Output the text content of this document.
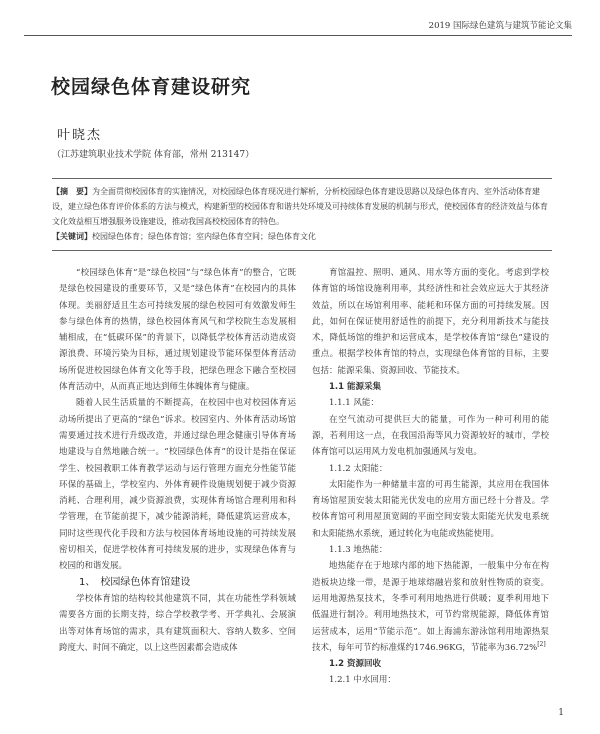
2019 国际绿色建筑与建筑节能论文集
校园绿色体育建设研究
叶晓杰
（江苏建筑职业技术学院 体育部，常州 213147）

【摘　要】为全面贯彻校园体育的实施情况，对校园绿色体育现况进行解析，分析校园绿色体育建设思路以及绿色体育内、室外活动体育建设，建立绿色体育评价体系的方法与模式，构建新型的校园体育和谐共处环境及可持续体育发展的机制与形式，使校园体育的经济效益与体育文化效益相互增强服务设施建设，推动我国高校校园体育的特色。

【关键词】校园绿色体育；绿色体育馆；室内绿色体育空间；绿色体育文化

“校园绿色体育”是“绿色校园”与“绿色体育”的整合，它既是绿色校园建设的重要环节，又是“绿色体育”在校园内的具体体现。美丽舒适且生态可持续发展的绿色校园可有效激发师生参与绿色体育的热情，绿色校园体育风气和学校院生态发展相辅相成，在“低碳环保”的背景下，以降低学校体育活动造成资源浪费、环境污染为目标，通过规划建设节能环保型体育活动场所促进校园绿色体育文化等手段，把绿色理念下融合至校园体育活动中，从而真正地达到师生体魄体育与健康。

随着人民生活质量的不断提高，在校园中也对校园体育运动场所提出了更高的“绿色”诉求。校园室内、外体育活动场馆需要通过技术进行升级改造，并通过绿色理念健康引导体育场地建设与自然地融合统一。“校园绿色体育”的设计是指在保证学生、校园教职工体育教学运动与运行管理方面充分性能节能环保的基础上，学校室内、外体育硬件设施规划便于减少资源消耗、合理利用，减少资源浪费，实现体育场馆合理利用和科学管理，在节能前提下，减少能源消耗，降低建筑运营成本，同时这些现代化手段和方法与校园体育场地设施的可持续发展密切相关，促进学校体育可持续发展的进步，实现绿色体育与校园的和谐发展。

1、　校园绿色体育馆建设

学校体育馆的结构较其他建筑不同，其在功能性学科领域需要各方面的长期支持，综合学校教学考、开学典礼、会展演出等对体育场馆的需求，具有建筑面积大、容纳人数多、空间跨度大、时间不确定，以上这些因素都会造成体

育馆温控、照明、通风、用水等方面的变化。考虑到学校体育馆的场馆设施利用率，其经济性和社会效应远大于其经济效益，所以在场馆利用率、能耗和环保方面的可持续发展。因此，如何在保证使用舒适性的前提下，充分利用新技术与能技术，降低场馆的维护和运营成本，是学校体育馆“绿色”建设的重点。根据学校体育馆的特点，实现绿色体育馆的目标，主要包括：能源采集、资源回收、节能技术。

1.1 能源采集

1.1.1 风能：

在空气流动可提供巨大的能量，可作为一种可利用的能源，若利用这一点，在我国沿海等风力资源较好的城市，学校体育馆可以运用风力发电机加强通风与发电。

1.1.2 太阳能：

太阳能作为一种储量丰富的可再生能源，其应用在我国体育场馆屋顶安装太阳能光伏发电的应用方面已经十分普及。学校体育馆可利用屋顶宽阔的平面空间安装太阳能光伏发电系统和太阳能热水系统，通过转化为电能或热能使用。

1.1.3 地热能：

地热能存在于地球内部的地下热能源，一般集中分布在构造板块边缘一带，是源于地球熔融岩浆和放射性物质的衰变。运用地源热泵技术，冬季可利用地热进行供暖；夏季利用地下低温进行制冷。利用地热技术，可节约常规能源，降低体育馆运营成本，运用“节能示范”。如上海浦东游泳馆利用地源热泵技术，每年可节约标准煤约1746.96KG，节能率为36.72%[2]

1.2 资源回收

1.2.1 中水回用：

1
